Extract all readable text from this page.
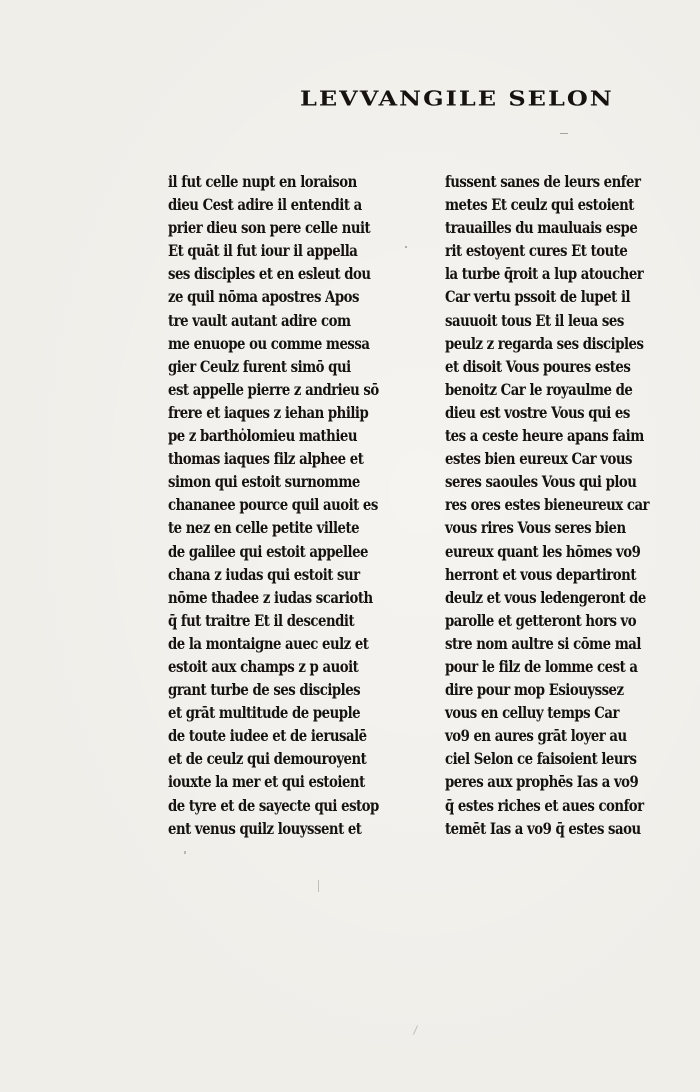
LEVVANGILE SELON
il fut celle nupt en loraison
dieu Cest adire il entendit a
prier dieu son pere celle nuit
Et quāt il fut iour il appella
ses disciples et en esleut dou
ze quil nōma apostres Apos
tre vault autant adire com
me enuope ou comme messa
gier Ceulz furent simō qui
est appelle pierre z andrieu sō
frere et iaques z iehan philip
pe z barthȯlomieu mathieu
thomas iaques filz alphee et
simon qui estoit surnomme
chananee pource quil auoit es
te nez en celle petite villete
de galilee qui estoit appellee
chana z iudas qui estoit sur
nōme thadee z iudas scarioth
q̄ fut traitre Et il descendit
de la montaigne auec eulz et
estoit aux champs z p auoit
grant turbe de ses disciples
et grāt multitude de peuple
de toute iudee et de ierusalē
et de ceulz qui demouroyent
iouxte la mer et qui estoient
de tyre et de sayecte qui estop
ent venus quilz louyssent et
fussent sanes de leurs enfer
metes Et ceulz qui estoient
trauailles du mauluais espe
rit estoyent cures Et toute
la turbe q̄roit a lup atoucher
Car vertu pssoit de lupet il
sauuoit tous Et il leua ses
peulz z regarda ses disciples
et disoit Vous poures estes
benoitz Car le royaulme de
dieu est vostre Vous qui es
tes a ceste heure apans faim
estes bien eureux Car vous
seres saoules Vous qui plou
res ores estes bieneureux car
vous rires Vous seres bien
eureux quant les hōmes vo9
herront et vous departiront
deulz et vous ledengeront de
parolle et getteront hors vo
stre nom aultre si cōme mal
pour le filz de lomme cest a
dire pour mop Esiouyssez
vous en celluy temps Car
vo9 en aures grāt loyer au
ciel Selon ce faisoient leurs
peres aux prophēs Ias a vo9
q̄ estes riches et aues confor
temēt Ias a vo9 q̄ estes saou
